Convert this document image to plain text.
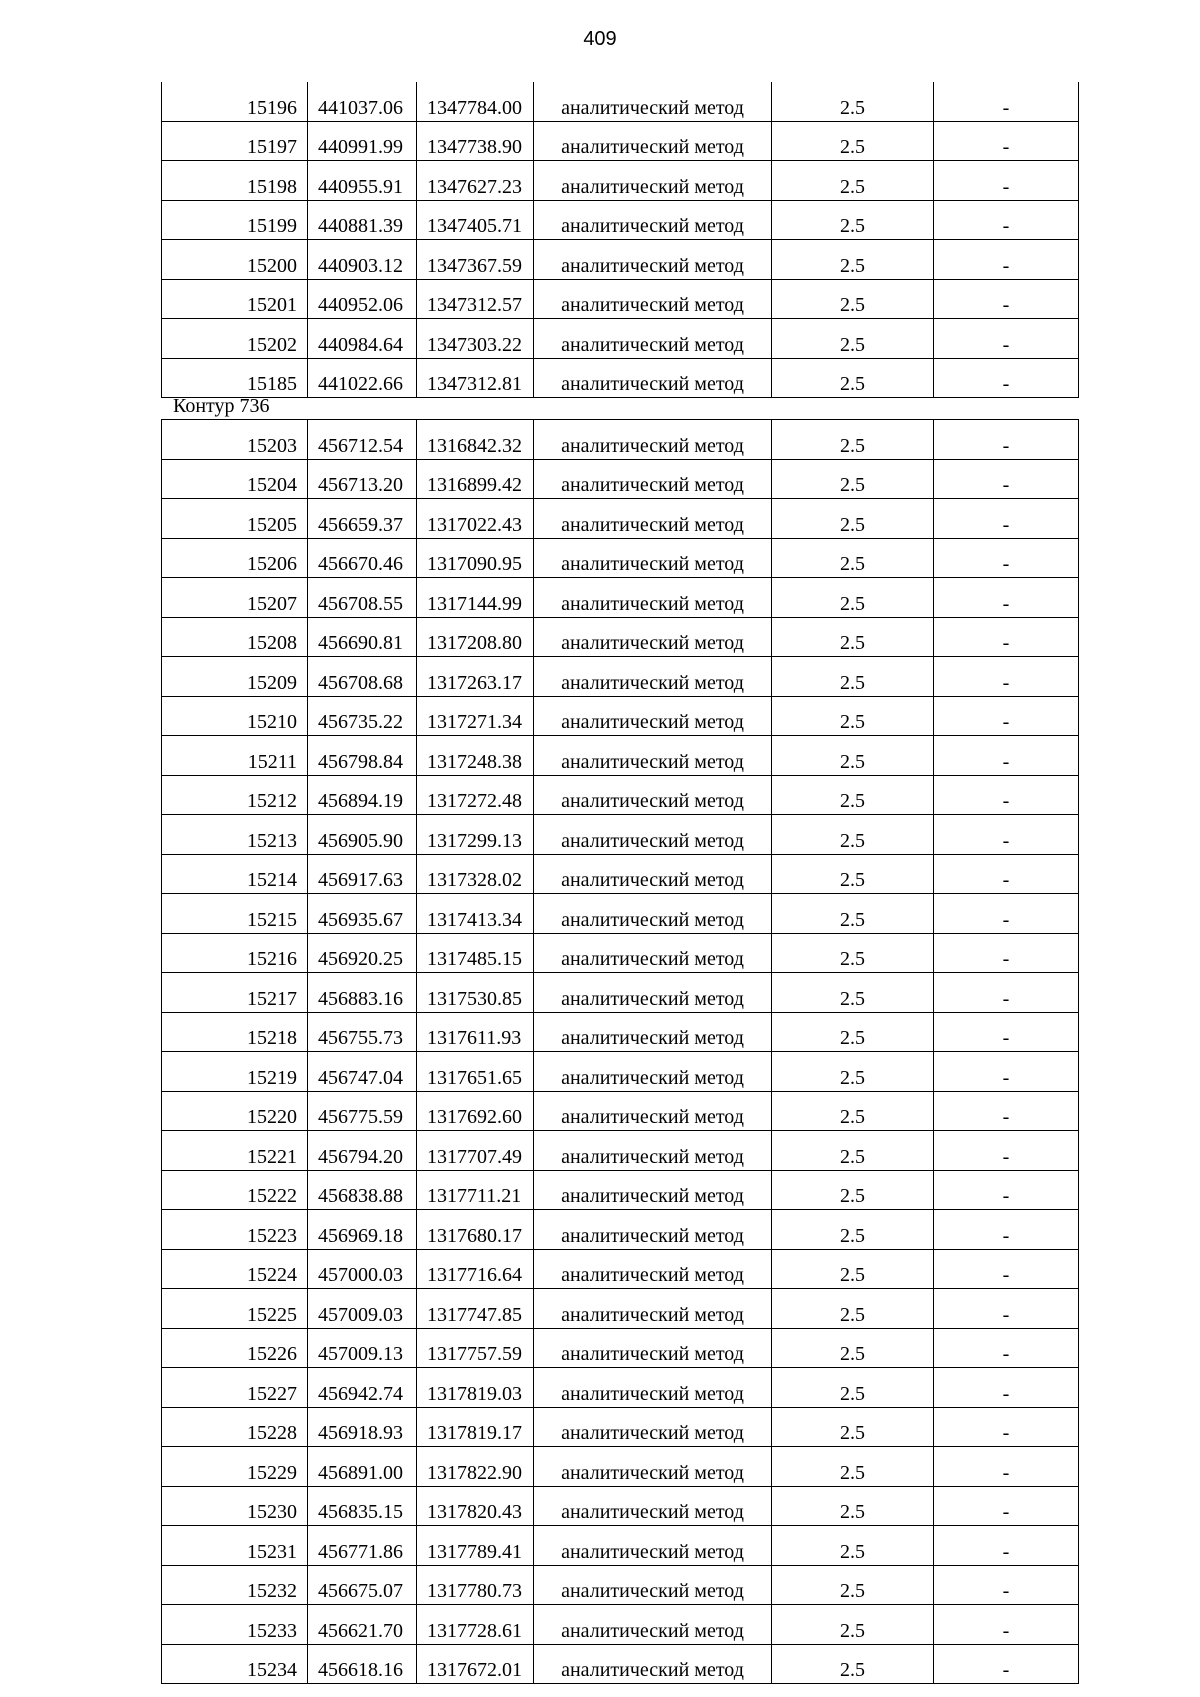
409
15196	441037.06	1347784.00	аналитический метод	2.5	-
15197	440991.99	1347738.90	аналитический метод	2.5	-
15198	440955.91	1347627.23	аналитический метод	2.5	-
15199	440881.39	1347405.71	аналитический метод	2.5	-
15200	440903.12	1347367.59	аналитический метод	2.5	-
15201	440952.06	1347312.57	аналитический метод	2.5	-
15202	440984.64	1347303.22	аналитический метод	2.5	-
15185	441022.66	1347312.81	аналитический метод	2.5	-
Контур 736
15203	456712.54	1316842.32	аналитический метод	2.5	-
15204	456713.20	1316899.42	аналитический метод	2.5	-
15205	456659.37	1317022.43	аналитический метод	2.5	-
15206	456670.46	1317090.95	аналитический метод	2.5	-
15207	456708.55	1317144.99	аналитический метод	2.5	-
15208	456690.81	1317208.80	аналитический метод	2.5	-
15209	456708.68	1317263.17	аналитический метод	2.5	-
15210	456735.22	1317271.34	аналитический метод	2.5	-
15211	456798.84	1317248.38	аналитический метод	2.5	-
15212	456894.19	1317272.48	аналитический метод	2.5	-
15213	456905.90	1317299.13	аналитический метод	2.5	-
15214	456917.63	1317328.02	аналитический метод	2.5	-
15215	456935.67	1317413.34	аналитический метод	2.5	-
15216	456920.25	1317485.15	аналитический метод	2.5	-
15217	456883.16	1317530.85	аналитический метод	2.5	-
15218	456755.73	1317611.93	аналитический метод	2.5	-
15219	456747.04	1317651.65	аналитический метод	2.5	-
15220	456775.59	1317692.60	аналитический метод	2.5	-
15221	456794.20	1317707.49	аналитический метод	2.5	-
15222	456838.88	1317711.21	аналитический метод	2.5	-
15223	456969.18	1317680.17	аналитический метод	2.5	-
15224	457000.03	1317716.64	аналитический метод	2.5	-
15225	457009.03	1317747.85	аналитический метод	2.5	-
15226	457009.13	1317757.59	аналитический метод	2.5	-
15227	456942.74	1317819.03	аналитический метод	2.5	-
15228	456918.93	1317819.17	аналитический метод	2.5	-
15229	456891.00	1317822.90	аналитический метод	2.5	-
15230	456835.15	1317820.43	аналитический метод	2.5	-
15231	456771.86	1317789.41	аналитический метод	2.5	-
15232	456675.07	1317780.73	аналитический метод	2.5	-
15233	456621.70	1317728.61	аналитический метод	2.5	-
15234	456618.16	1317672.01	аналитический метод	2.5	-
